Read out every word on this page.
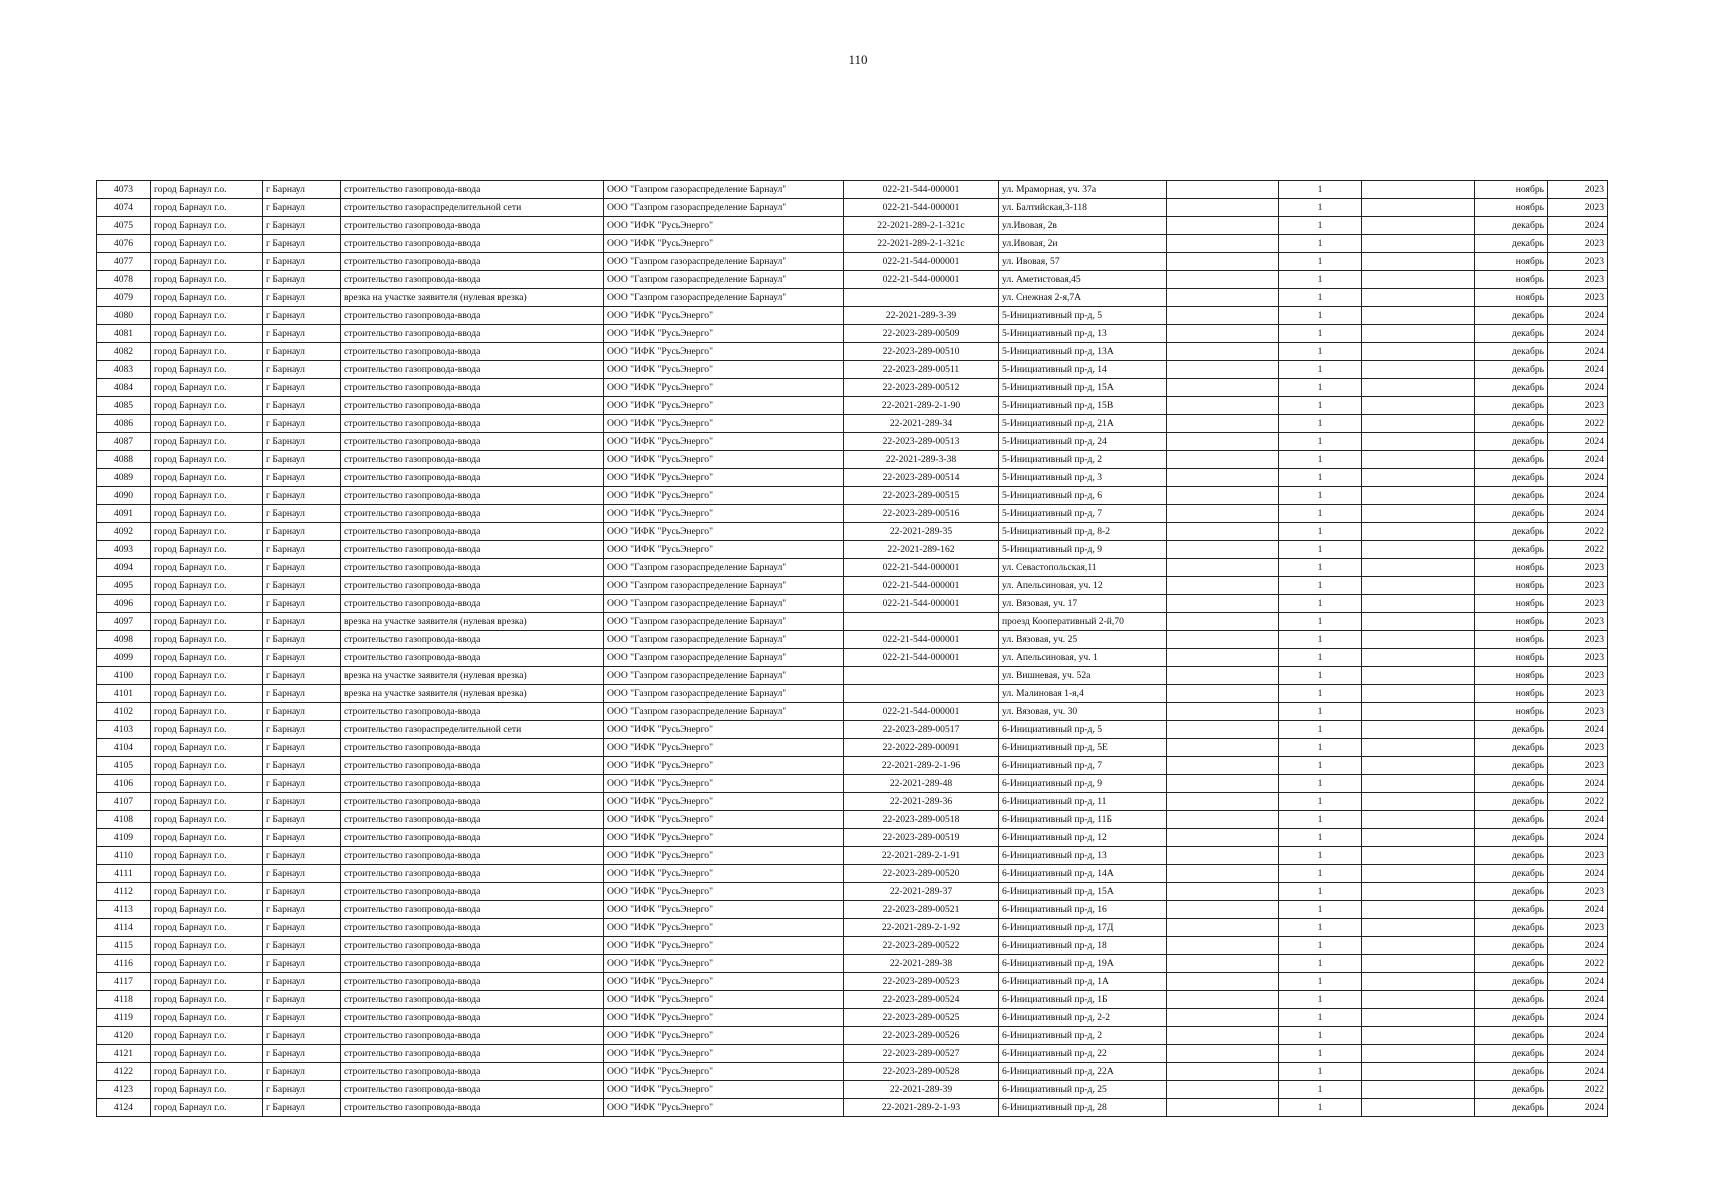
110
4073	город Барнаул г.о.	г Барнаул	строительство газопровода-ввода	ООО "Газпром газораспределение Барнаул"	022-21-544-000001	ул. Мраморная, уч. 37а		1		ноябрь	2023
4074	город Барнаул г.о.	г Барнаул	строительство газораспределительной сети	ООО "Газпром газораспределение Барнаул"	022-21-544-000001	ул. Балтийская,3-118		1		ноябрь	2023
4075	город Барнаул г.о.	г Барнаул	строительство газопровода-ввода	ООО "ИФК "РусьЭнерго"	22-2021-289-2-1-321с	ул.Ивовая, 2в		1		декабрь	2024
4076	город Барнаул г.о.	г Барнаул	строительство газопровода-ввода	ООО "ИФК "РусьЭнерго"	22-2021-289-2-1-321с	ул.Ивовая, 2и		1		декабрь	2023
4077	город Барнаул г.о.	г Барнаул	строительство газопровода-ввода	ООО "Газпром газораспределение Барнаул"	022-21-544-000001	ул. Ивовая, 57		1		ноябрь	2023
4078	город Барнаул г.о.	г Барнаул	строительство газопровода-ввода	ООО "Газпром газораспределение Барнаул"	022-21-544-000001	ул. Аметистовая,45		1		ноябрь	2023
4079	город Барнаул г.о.	г Барнаул	врезка на участке заявителя (нулевая врезка)	ООО "Газпром газораспределение Барнаул"		ул. Снежная 2-я,7А		1		ноябрь	2023
4080	город Барнаул г.о.	г Барнаул	строительство газопровода-ввода	ООО "ИФК "РусьЭнерго"	22-2021-289-3-39	5-Инициативный пр-д, 5		1		декабрь	2024
4081	город Барнаул г.о.	г Барнаул	строительство газопровода-ввода	ООО "ИФК "РусьЭнерго"	22-2023-289-00509	5-Инициативный пр-д, 13		1		декабрь	2024
4082	город Барнаул г.о.	г Барнаул	строительство газопровода-ввода	ООО "ИФК "РусьЭнерго"	22-2023-289-00510	5-Инициативный пр-д, 13А		1		декабрь	2024
4083	город Барнаул г.о.	г Барнаул	строительство газопровода-ввода	ООО "ИФК "РусьЭнерго"	22-2023-289-00511	5-Инициативный пр-д, 14		1		декабрь	2024
4084	город Барнаул г.о.	г Барнаул	строительство газопровода-ввода	ООО "ИФК "РусьЭнерго"	22-2023-289-00512	5-Инициативный пр-д, 15А		1		декабрь	2024
4085	город Барнаул г.о.	г Барнаул	строительство газопровода-ввода	ООО "ИФК "РусьЭнерго"	22-2021-289-2-1-90	5-Инициативный пр-д, 15В		1		декабрь	2023
4086	город Барнаул г.о.	г Барнаул	строительство газопровода-ввода	ООО "ИФК "РусьЭнерго"	22-2021-289-34	5-Инициативный пр-д, 21А		1		декабрь	2022
4087	город Барнаул г.о.	г Барнаул	строительство газопровода-ввода	ООО "ИФК "РусьЭнерго"	22-2023-289-00513	5-Инициативный пр-д, 24		1		декабрь	2024
4088	город Барнаул г.о.	г Барнаул	строительство газопровода-ввода	ООО "ИФК "РусьЭнерго"	22-2021-289-3-38	5-Инициативный пр-д, 2		1		декабрь	2024
4089	город Барнаул г.о.	г Барнаул	строительство газопровода-ввода	ООО "ИФК "РусьЭнерго"	22-2023-289-00514	5-Инициативный пр-д, 3		1		декабрь	2024
4090	город Барнаул г.о.	г Барнаул	строительство газопровода-ввода	ООО "ИФК "РусьЭнерго"	22-2023-289-00515	5-Инициативный пр-д, 6		1		декабрь	2024
4091	город Барнаул г.о.	г Барнаул	строительство газопровода-ввода	ООО "ИФК "РусьЭнерго"	22-2023-289-00516	5-Инициативный пр-д, 7		1		декабрь	2024
4092	город Барнаул г.о.	г Барнаул	строительство газопровода-ввода	ООО "ИФК "РусьЭнерго"	22-2021-289-35	5-Инициативный пр-д, 8-2		1		декабрь	2022
4093	город Барнаул г.о.	г Барнаул	строительство газопровода-ввода	ООО "ИФК "РусьЭнерго"	22-2021-289-162	5-Инициативный пр-д, 9		1		декабрь	2022
4094	город Барнаул г.о.	г Барнаул	строительство газопровода-ввода	ООО "Газпром газораспределение Барнаул"	022-21-544-000001	ул. Севастопольская,11		1		ноябрь	2023
4095	город Барнаул г.о.	г Барнаул	строительство газопровода-ввода	ООО "Газпром газораспределение Барнаул"	022-21-544-000001	ул. Апельсиновая, уч. 12		1		ноябрь	2023
4096	город Барнаул г.о.	г Барнаул	строительство газопровода-ввода	ООО "Газпром газораспределение Барнаул"	022-21-544-000001	ул. Вязовая, уч. 17		1		ноябрь	2023
4097	город Барнаул г.о.	г Барнаул	врезка на участке заявителя (нулевая врезка)	ООО "Газпром газораспределение Барнаул"		проезд Кооперативный 2-й,70		1		ноябрь	2023
4098	город Барнаул г.о.	г Барнаул	строительство газопровода-ввода	ООО "Газпром газораспределение Барнаул"	022-21-544-000001	ул. Вязовая, уч. 25		1		ноябрь	2023
4099	город Барнаул г.о.	г Барнаул	строительство газопровода-ввода	ООО "Газпром газораспределение Барнаул"	022-21-544-000001	ул. Апельсиновая, уч. 1		1		ноябрь	2023
4100	город Барнаул г.о.	г Барнаул	врезка на участке заявителя (нулевая врезка)	ООО "Газпром газораспределение Барнаул"		ул. Вишневая, уч. 52а		1		ноябрь	2023
4101	город Барнаул г.о.	г Барнаул	врезка на участке заявителя (нулевая врезка)	ООО "Газпром газораспределение Барнаул"		ул. Малиновая 1-я,4		1		ноябрь	2023
4102	город Барнаул г.о.	г Барнаул	строительство газопровода-ввода	ООО "Газпром газораспределение Барнаул"	022-21-544-000001	ул. Вязовая, уч. 30		1		ноябрь	2023
4103	город Барнаул г.о.	г Барнаул	строительство газораспределительной сети	ООО "ИФК "РусьЭнерго"	22-2023-289-00517	6-Инициативный пр-д, 5		1		декабрь	2024
4104	город Барнаул г.о.	г Барнаул	строительство газопровода-ввода	ООО "ИФК "РусьЭнерго"	22-2022-289-00091	6-Инициативный пр-д, 5Е		1		декабрь	2023
4105	город Барнаул г.о.	г Барнаул	строительство газопровода-ввода	ООО "ИФК "РусьЭнерго"	22-2021-289-2-1-96	6-Инициативный пр-д, 7		1		декабрь	2023
4106	город Барнаул г.о.	г Барнаул	строительство газопровода-ввода	ООО "ИФК "РусьЭнерго"	22-2021-289-48	6-Инициативный пр-д, 9		1		декабрь	2024
4107	город Барнаул г.о.	г Барнаул	строительство газопровода-ввода	ООО "ИФК "РусьЭнерго"	22-2021-289-36	6-Инициативный пр-д, 11		1		декабрь	2022
4108	город Барнаул г.о.	г Барнаул	строительство газопровода-ввода	ООО "ИФК "РусьЭнерго"	22-2023-289-00518	6-Инициативный пр-д, 11Б		1		декабрь	2024
4109	город Барнаул г.о.	г Барнаул	строительство газопровода-ввода	ООО "ИФК "РусьЭнерго"	22-2023-289-00519	6-Инициативный пр-д, 12		1		декабрь	2024
4110	город Барнаул г.о.	г Барнаул	строительство газопровода-ввода	ООО "ИФК "РусьЭнерго"	22-2021-289-2-1-91	6-Инициативный пр-д, 13		1		декабрь	2023
4111	город Барнаул г.о.	г Барнаул	строительство газопровода-ввода	ООО "ИФК "РусьЭнерго"	22-2023-289-00520	6-Инициативный пр-д, 14А		1		декабрь	2024
4112	город Барнаул г.о.	г Барнаул	строительство газопровода-ввода	ООО "ИФК "РусьЭнерго"	22-2021-289-37	6-Инициативный пр-д, 15А		1		декабрь	2023
4113	город Барнаул г.о.	г Барнаул	строительство газопровода-ввода	ООО "ИФК "РусьЭнерго"	22-2023-289-00521	6-Инициативный пр-д, 16		1		декабрь	2024
4114	город Барнаул г.о.	г Барнаул	строительство газопровода-ввода	ООО "ИФК "РусьЭнерго"	22-2021-289-2-1-92	6-Инициативный пр-д, 17Д		1		декабрь	2023
4115	город Барнаул г.о.	г Барнаул	строительство газопровода-ввода	ООО "ИФК "РусьЭнерго"	22-2023-289-00522	6-Инициативный пр-д, 18		1		декабрь	2024
4116	город Барнаул г.о.	г Барнаул	строительство газопровода-ввода	ООО "ИФК "РусьЭнерго"	22-2021-289-38	6-Инициативный пр-д, 19А		1		декабрь	2022
4117	город Барнаул г.о.	г Барнаул	строительство газопровода-ввода	ООО "ИФК "РусьЭнерго"	22-2023-289-00523	6-Инициативный пр-д, 1А		1		декабрь	2024
4118	город Барнаул г.о.	г Барнаул	строительство газопровода-ввода	ООО "ИФК "РусьЭнерго"	22-2023-289-00524	6-Инициативный пр-д, 1Б		1		декабрь	2024
4119	город Барнаул г.о.	г Барнаул	строительство газопровода-ввода	ООО "ИФК "РусьЭнерго"	22-2023-289-00525	6-Инициативный пр-д, 2-2		1		декабрь	2024
4120	город Барнаул г.о.	г Барнаул	строительство газопровода-ввода	ООО "ИФК "РусьЭнерго"	22-2023-289-00526	6-Инициативный пр-д, 2		1		декабрь	2024
4121	город Барнаул г.о.	г Барнаул	строительство газопровода-ввода	ООО "ИФК "РусьЭнерго"	22-2023-289-00527	6-Инициативный пр-д, 22		1		декабрь	2024
4122	город Барнаул г.о.	г Барнаул	строительство газопровода-ввода	ООО "ИФК "РусьЭнерго"	22-2023-289-00528	6-Инициативный пр-д, 22А		1		декабрь	2024
4123	город Барнаул г.о.	г Барнаул	строительство газопровода-ввода	ООО "ИФК "РусьЭнерго"	22-2021-289-39	6-Инициативный пр-д, 25		1		декабрь	2022
4124	город Барнаул г.о.	г Барнаул	строительство газопровода-ввода	ООО "ИФК "РусьЭнерго"	22-2021-289-2-1-93	6-Инициативный пр-д, 28		1		декабрь	2024
